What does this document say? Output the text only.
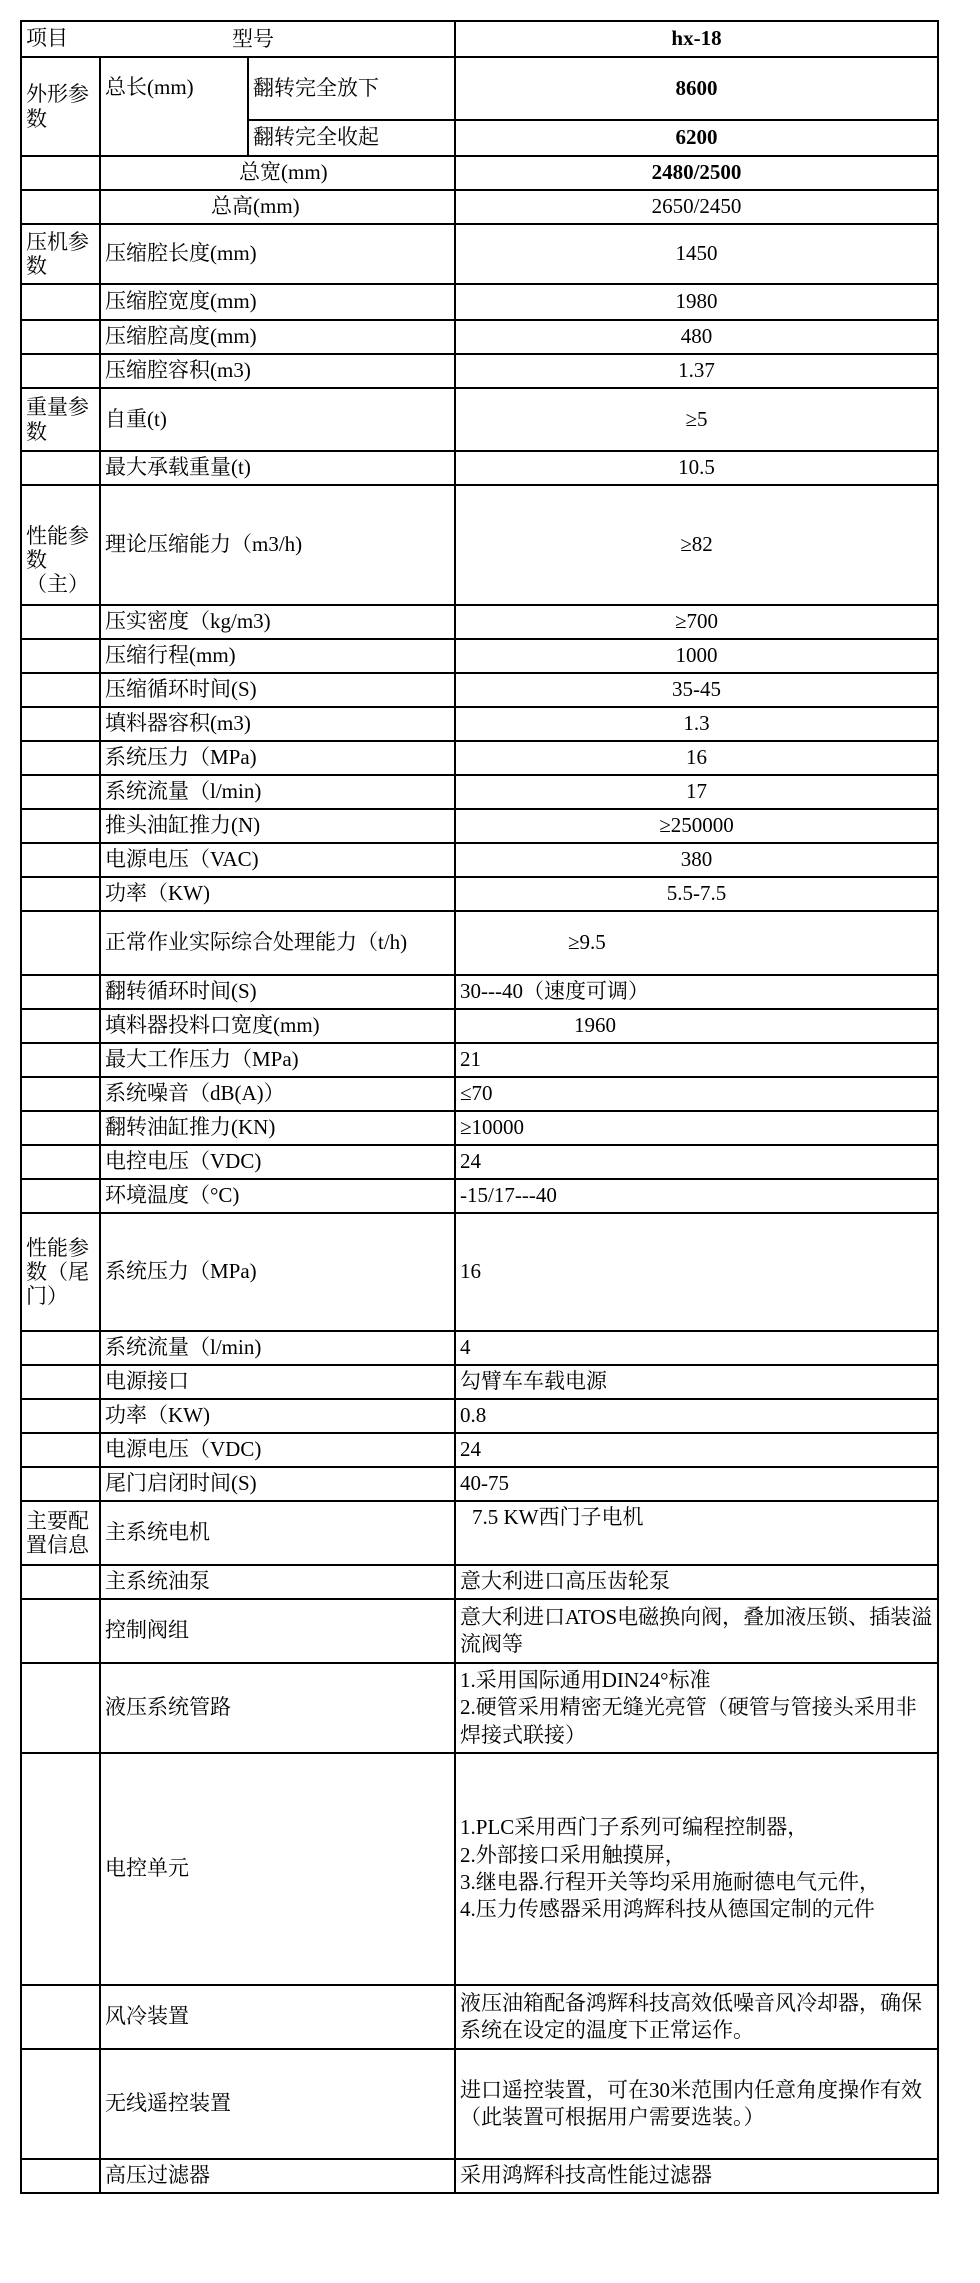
项目 型号			hx-18
外形参数	总长(mm)	翻转完全放下	8600
		翻转完全收起	6200
	总宽(mm)		2480/2500
	总高(mm)		2650/2450
压机参数	压缩腔长度(mm)		1450
	压缩腔宽度(mm)		1980
	压缩腔高度(mm)		480
	压缩腔容积(m3)		1.37
重量参数	自重(t)		≥5
	最大承载重量(t)		10.5
性能参数（主）	理论压缩能力（m3/h)		≥82
	压实密度（kg/m3)		≥700
	压缩行程(mm)		1000
	压缩循环时间(S)		35-45
	填料器容积(m3)		1.3
	系统压力（MPa)		16
	系统流量（l/min)		17
	推头油缸推力(N)		≥250000
	电源电压（VAC)		380
	功率（KW)		5.5-7.5
	正常作业实际综合处理能力（t/h)		≥9.5
	翻转循环时间(S)		30---40（速度可调）
	填料器投料口宽度(mm)		1960
	最大工作压力（MPa)		21
	系统噪音（dB(A)）		≤70
	翻转油缸推力(KN)		≥10000
	电控电压（VDC)		24
	环境温度（°C)		-15/17---40
性能参数（尾门）	系统压力（MPa)		16
	系统流量（l/min)		4
	电源接口		勾臂车车载电源
	功率（KW)		0.8
	电源电压（VDC)		24
	尾门启闭时间(S)		40-75
主要配置信息	主系统电机		7.5 KW西门子电机
	主系统油泵		意大利进口高压齿轮泵
	控制阀组		意大利进口ATOS电磁换向阀，叠加液压锁、插装溢流阀等
	液压系统管路		1.采用国际通用DIN24°标准
2.硬管采用精密无缝光亮管（硬管与管接头采用非焊接式联接）

	电控单元		1.PLC采用西门子系列可编程控制器，
2.外部接口采用触摸屏，
3.继电器.行程开关等均采用施耐德电气元件，
4.压力传感器采用鸿辉科技从德国定制的元件

	风冷装置		液压油箱配备鸿辉科技高效低噪音风冷却器，确保系统在设定的温度下正常运作。
	无线遥控装置		进口遥控装置，可在30米范围内任意角度操作有效（此装置可根据用户需要选装。）
	高压过滤器		采用鸿辉科技高性能过滤器
